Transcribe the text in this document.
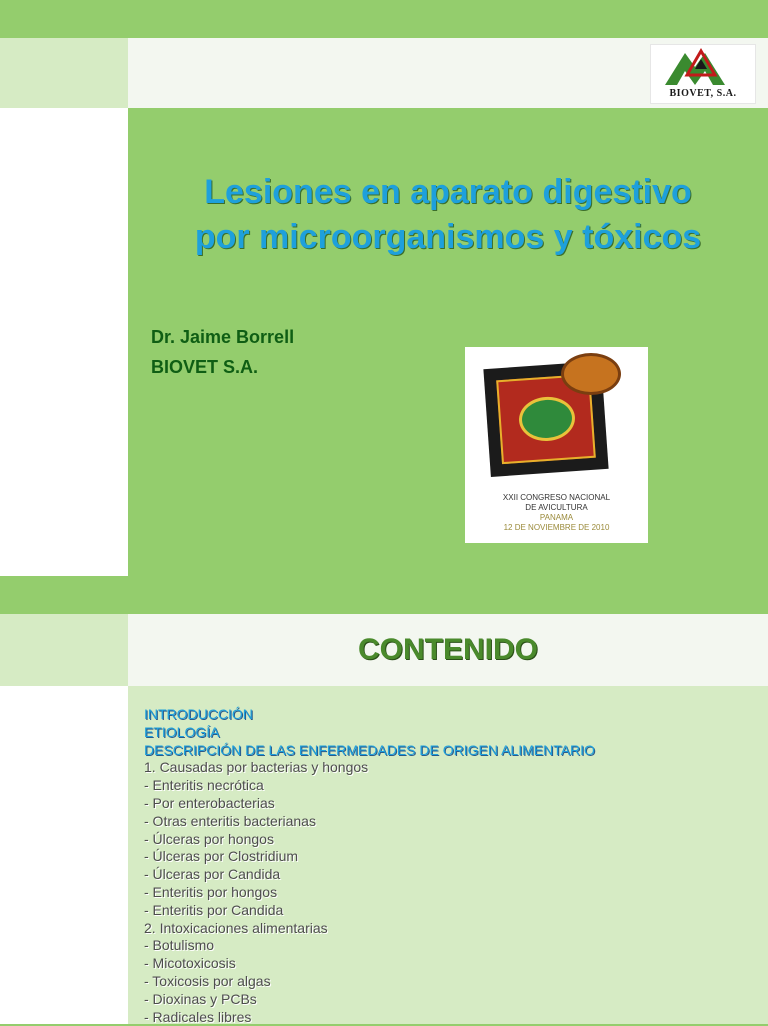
BIOVET, S.A.
Lesiones en aparato digestivo
por microorganismos y tóxicos
Dr. Jaime Borrell
BIOVET S.A.
XXII CONGRESO NACIONAL
DE AVICULTURA
PANAMA
12 DE NOVIEMBRE DE 2010
CONTENIDO
INTRODUCCIÓN
ETIOLOGÍA
DESCRIPCIÓN DE LAS ENFERMEDADES DE ORIGEN ALIMENTARIO
1. Causadas por bacterias y hongos
- Enteritis necrótica
- Por enterobacterias
- Otras enteritis bacterianas
- Úlceras por hongos
- Úlceras por Clostridium
- Úlceras por Candida
- Enteritis por hongos
- Enteritis por Candida
2. Intoxicaciones alimentarias
- Botulismo
- Micotoxicosis
- Toxicosis por algas
- Dioxinas y PCBs
- Radicales libres
